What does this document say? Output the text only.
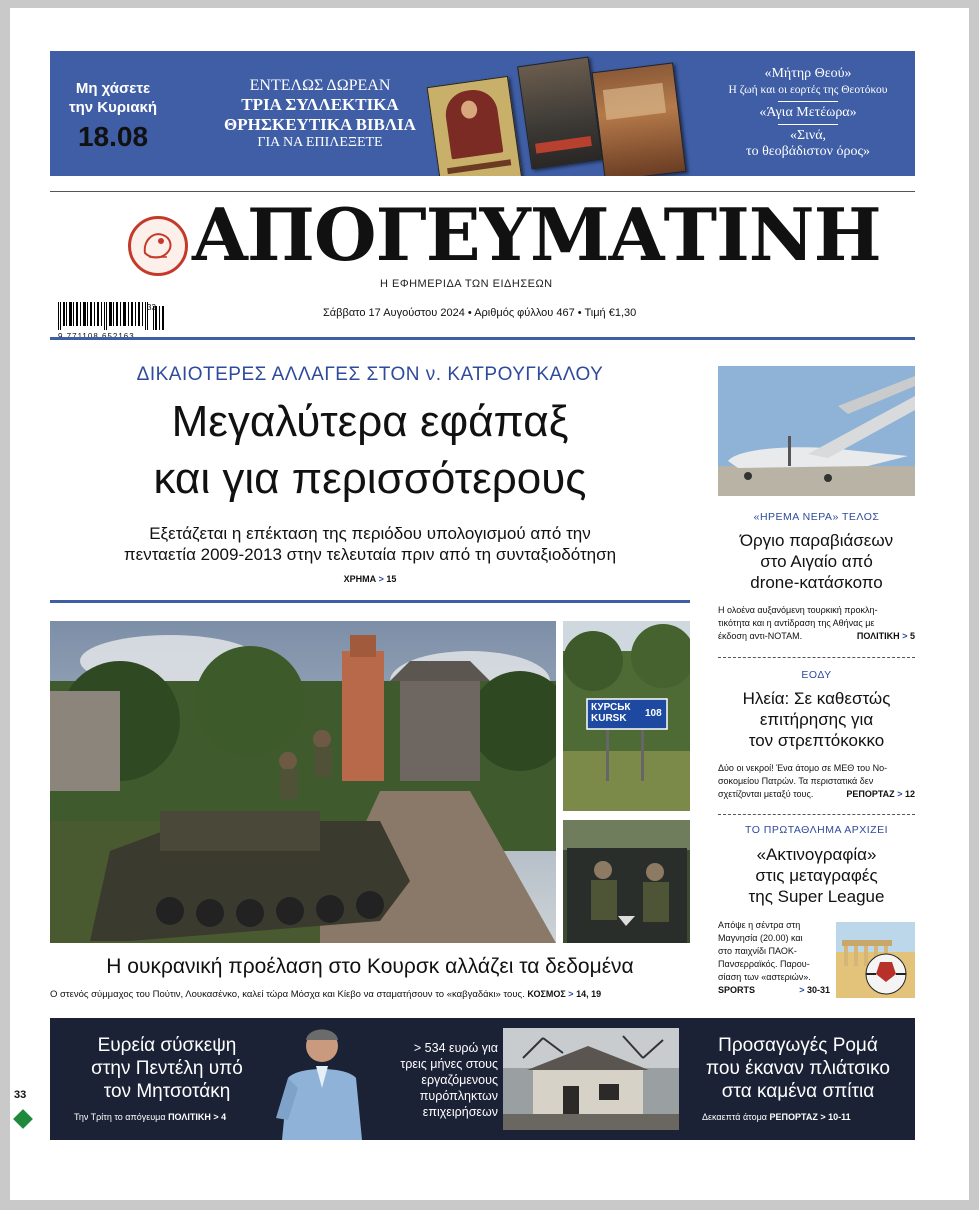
Μη χάσετε
την Κυριακή
18.08
ΕΝΤΕΛΩΣ ΔΩΡΕΑΝ
ΤΡΙΑ ΣΥΛΛΕΚΤΙΚΑ
ΘΡΗΣΚΕΥΤΙΚΑ ΒΙΒΛΙΑ
ΓΙΑ ΝΑ ΕΠΙΛΕΞΕΤΕ
«Μήτηρ Θεού»
Η ζωή και οι εορτές της Θεοτόκου
«Άγια Μετέωρα»
«Σινά,
το θεοβάδιστον όρος»
ΑΠΟΓΕΥΜΑΤΙΝΗ
Η ΕΦΗΜΕΡΙΔΑ ΤΩΝ ΕΙΔΗΣΕΩΝ
33	Σάββατο 17 Αυγούστου 2024 • Αριθμός φύλλου 467 • Τιμή €1,30
ΔΙΚΑΙΟΤΕΡΕΣ ΑΛΛΑΓΕΣ ΣΤΟΝ ν. ΚΑΤΡΟΥΓΚΑΛΟΥ
Μεγαλύτερα εφάπαξ
και για περισσότερους
Εξετάζεται η επέκταση της περιόδου υπολογισμού από την
πενταετία 2009-2013 στην τελευταία πριν από τη συνταξιοδότηση
ΧΡΗΜΑ > 15
КУРСЬК
KURSK	108
Η ουκρανική προέλαση στο Κουρσκ αλλάζει τα δεδομένα
Ο στενός σύμμαχος του Πούτιν, Λουκασένκο, καλεί τώρα Μόσχα και Κίεβο να σταματήσουν το «καβγαδάκι» τους. ΚΟΣΜΟΣ > 14, 19
«ΗΡΕΜΑ ΝΕΡΑ» ΤΕΛΟΣ
Όργιο παραβιάσεων
στο Αιγαίο από
drone-κατάσκοπο
Η ολοένα αυξανόμενη τουρκική προκλη-
τικότητα και η αντίδραση της Αθήνας με
έκδοση αντι-NOTAM.	ΠΟΛΙΤΙΚΗ > 5
ΕΟΔΥ
Ηλεία: Σε καθεστώς
επιτήρησης για
τον στρεπτόκοκκο
Δύο οι νεκροί! Ένα άτομο σε ΜΕΘ του Νο-
σοκομείου Πατρών. Τα περιστατικά δεν
σχετίζονται μεταξύ τους.	ΡΕΠΟΡΤΑΖ > 12
ΤΟ ΠΡΩΤΑΘΛΗΜΑ ΑΡΧΙΖΕΙ
«Ακτινογραφία»
στις μεταγραφές
της Super League
Απόψε η σέντρα στη
Μαγνησία (20.00) και
στο παιχνίδι ΠΑΟΚ-
Πανσερραϊκός. Παρου-
σίαση των «αστεριών».
SPORTS	> 30-31
Ευρεία σύσκεψη
στην Πεντέλη υπό
τον Μητσοτάκη
Την Τρίτη το απόγευμα ΠΟΛΙΤΙΚΗ > 4
> 534 ευρώ για
τρεις μήνες στους
εργαζόμενους
πυρόπληκτων
επιχειρήσεων
Προσαγωγές Ρομά
που έκαναν πλιάτσικο
στα καμένα σπίτια
Δεκαεπτά άτομα ΡΕΠΟΡΤΑΖ > 10-11
33
